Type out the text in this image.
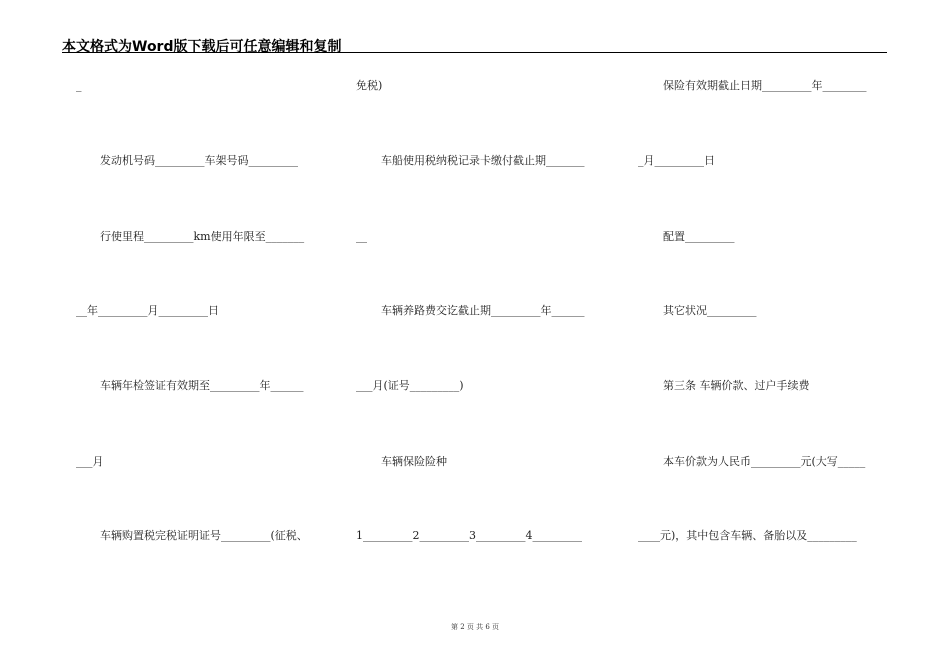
本文格式为Word版下载后可任意编辑和复制
_	免税)	保险有效期截止日期_________年________
发动机号码_________车架号码_________	车船使用税纳税记录卡缴付截止期_______	_月_________日
行使里程_________km使用年限至_______	__	配置_________
__年_________月_________日	车辆养路费交讫截止期_________年______	其它状况_________
车辆年检签证有效期至_________年______	___月(证号_________)	第三条 车辆价款、过户手续费
___月	车辆保险险种	本车价款为人民币_________元(大写_____
车辆购置税完税证明证号_________(征税、	1_________2_________3_________4_________	____元)，其中包含车辆、备胎以及_________
第 2 页 共 6 页
